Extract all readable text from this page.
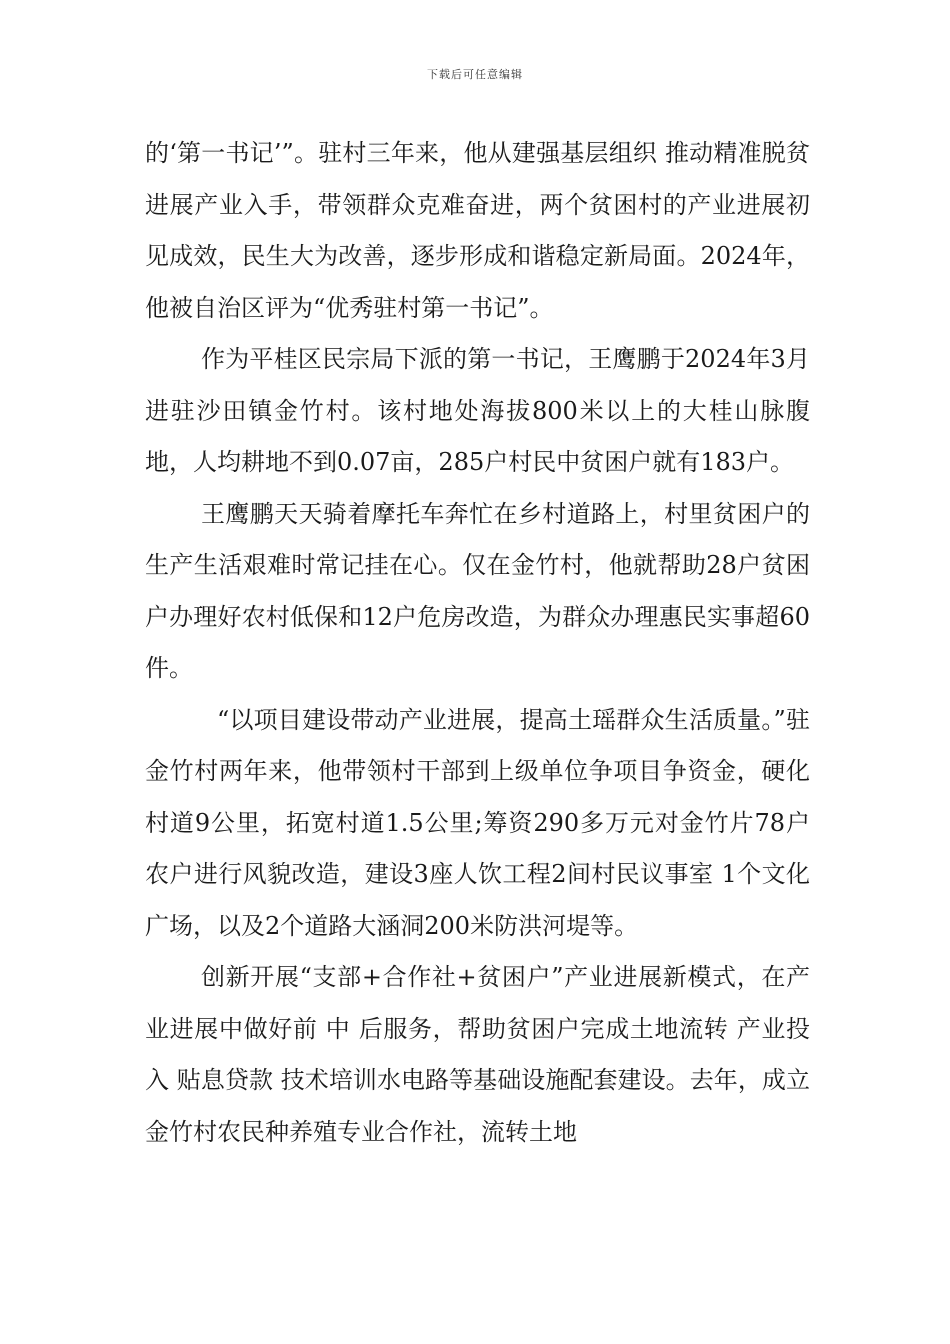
下载后可任意编辑

的‘第一书记’”。驻村三年来，他从建强基层组织 推动精准脱贫进展产业入手，带领群众克难奋进，两个贫困村的产业进展初见成效，民生大为改善，逐步形成和谐稳定新局面。2024年，他被自治区评为“优秀驻村第一书记”。

作为平桂区民宗局下派的第一书记，王鹰鹏于2024年3月进驻沙田镇金竹村。该村地处海拔800米以上的大桂山脉腹地，人均耕地不到0.07亩，285户村民中贫困户就有183户。

王鹰鹏天天骑着摩托车奔忙在乡村道路上，村里贫困户的生产生活艰难时常记挂在心。仅在金竹村，他就帮助28户贫困户办理好农村低保和12户危房改造，为群众办理惠民实事超60件。

“以项目建设带动产业进展，提高土瑶群众生活质量。”驻金竹村两年来，他带领村干部到上级单位争项目争资金，硬化村道9公里，拓宽村道1.5公里;筹资290多万元对金竹片78户农户进行风貌改造，建设3座人饮工程2间村民议事室 1个文化广场，以及2个道路大涵洞200米防洪河堤等。

创新开展“支部+合作社+贫困户”产业进展新模式，在产业进展中做好前 中 后服务，帮助贫困户完成土地流转 产业投入 贴息贷款 技术培训水电路等基础设施配套建设。去年，成立金竹村农民种养殖专业合作社，流转土地
